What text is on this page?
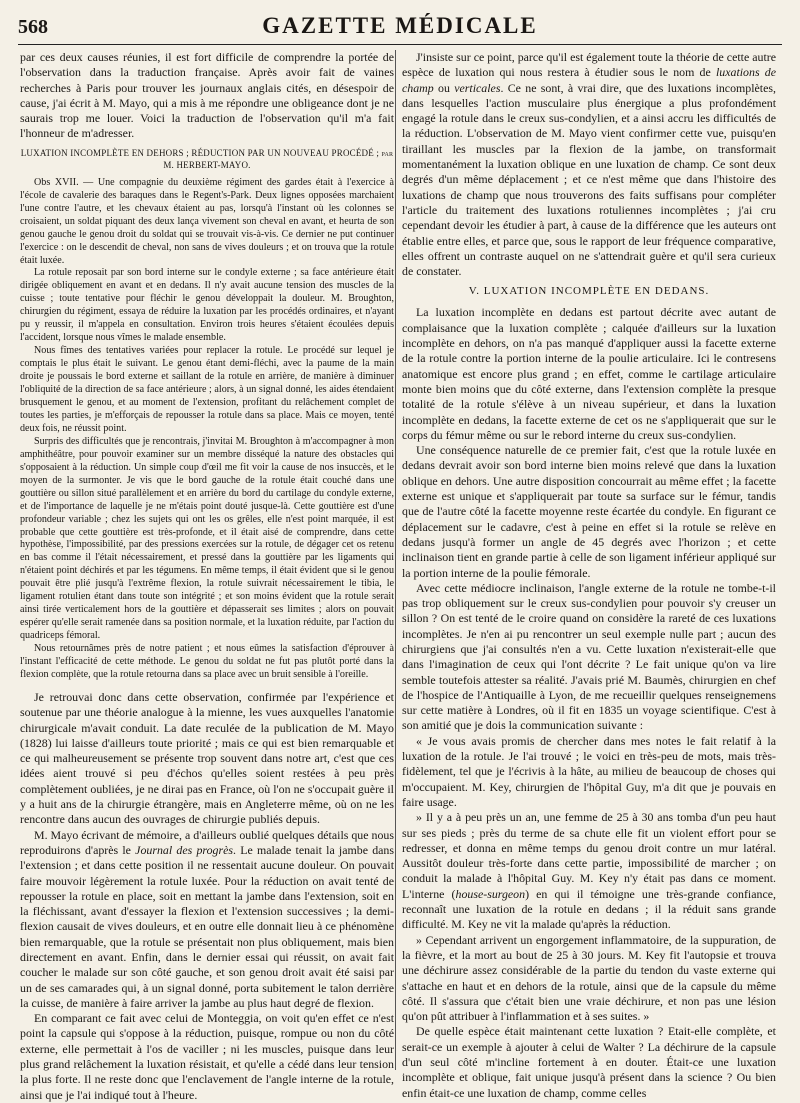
568	GAZETTE MÉDICALE

par ces deux causes réunies, il est fort difficile de comprendre la portée de l'observation dans la traduction française. Après avoir fait de vaines recherches à Paris pour trouver les journaux anglais cités, en désespoir de cause, j'ai écrit à M. Mayo, qui a mis à me répondre une obligeance dont je ne saurais trop me louer. Voici la traduction de l'observation qu'il m'a fait l'honneur de m'adresser.

LUXATION INCOMPLÈTE EN DEHORS ; RÉDUCTION PAR UN NOUVEAU PROCÉDÉ ; par M. HERBERT-MAYO.

Obs XVII. — Une compagnie du deuxième régiment des gardes était à l'exercice à l'école de cavalerie des baraques dans le Regent's-Park. Deux lignes opposées marchaient l'une contre l'autre, et les chevaux étaient au pas, lorsqu'à l'instant où les colonnes se croisaient, un soldat piquant des deux lança vivement son cheval en avant, et heurta de son genou gauche le genou droit du soldat qui se trouvait vis-à-vis. Ce dernier ne put continuer l'exercice : on le descendit de cheval, non sans de vives douleurs ; et on trouva que la rotule était luxée.

La rotule reposait par son bord interne sur le condyle externe ; sa face antérieure était dirigée obliquement en avant et en dedans. Il n'y avait aucune tension des muscles de la cuisse ; toute tentative pour fléchir le genou développait la douleur. M. Broughton, chirurgien du régiment, essaya de réduire la luxation par les procédés ordinaires, et n'ayant pu y reussir, il m'appela en consultation. Environ trois heures s'étaient écoulées depuis l'accident, lorsque nous vîmes le malade ensemble.

Nous fîmes des tentatives variées pour replacer la rotule. Le procédé sur lequel je comptais le plus était le suivant. Le genou étant demi-fléchi, avec la paume de la main droite je poussais le bord externe et saillant de la rotule en arrière, de manière à diminuer l'obliquité de la direction de sa face antérieure ; alors, à un signal donné, les aides étendaient brusquement le genou, et au moment de l'extension, profitant du relâchement complet de toutes les parties, je m'efforçais de repousser la rotule dans sa place. Mais ce moyen, tenté deux fois, ne réussit point.

Surpris des difficultés que je rencontrais, j'invitai M. Broughton à m'accompagner à mon amphithéâtre, pour pouvoir examiner sur un membre disséqué la nature des obstacles qui s'opposaient à la réduction. Un simple coup d'œil me fit voir la cause de nos insuccès, et le moyen de la surmonter. Je vis que le bord gauche de la rotule était couché dans une gouttière ou sillon situé parallèlement et en arrière du bord du cartilage du condyle externe, et de l'importance de laquelle je ne m'étais point douté jusque-là. Cette gouttière est d'une profondeur variable ; chez les sujets qui ont les os grêles, elle n'est point marquée, il est probable que cette gouttière est très-profonde, et il était aisé de comprendre, dans cette hypothèse, l'impossibilité, par des pressions exercées sur la rotule, de dégager cet os retenu en bas comme il l'était nécessairement, et pressé dans la gouttière par les ligaments qui n'étaient point déchirés et par les tégumens. En même temps, il était évident que si le genou pouvait être plié jusqu'à l'extrême flexion, la rotule suivrait nécessairement le tibia, le ligament rotulien étant dans toute son intégrité ; et son moins évident que la rotule serait ainsi tirée verticalement hors de la gouttière et dépasserait ses limites ; alors on pouvait espérer qu'elle serait ramenée dans sa position normale, et la luxation réduite, par l'action du quadriceps fémoral.

Nous retournâmes près de notre patient ; et nous eûmes la satisfaction d'éprouver à l'instant l'efficacité de cette méthode. Le genou du soldat ne fut pas plutôt porté dans la flexion complète, que la rotule retourna dans sa place avec un bruit sensible à l'oreille.

Je retrouvai donc dans cette observation, confirmée par l'expérience et soutenue par une théorie analogue à la mienne, les vues auxquelles l'anatomie chirurgicale m'avait conduit. La date reculée de la publication de M. Mayo (1828) lui laisse d'ailleurs toute priorité ; mais ce qui est bien remarquable et ce qui malheureusement se présente trop souvent dans notre art, c'est que ces idées aient trouvé si peu d'échos qu'elles soient restées à peu près complètement oubliées, je ne dirai pas en France, où l'on ne s'occupait guère il y a huit ans de la chirurgie étrangère, mais en Angleterre même, où on ne les rencontre dans aucun des ouvrages de chirurgie publiés depuis.

M. Mayo écrivant de mémoire, a d'ailleurs oublié quelques détails que nous reproduirons d'après le Journal des progrès. Le malade tenait la jambe dans l'extension ; et dans cette position il ne ressentait aucune douleur. On pouvait faire mouvoir légèrement la rotule luxée. Pour la réduction on avait tenté de repousser la rotule en place, soit en mettant la jambe dans l'extension, soit en la fléchissant, avant d'essayer la flexion et l'extension successives ; la demi-flexion causait de vives douleurs, et en outre elle donnait lieu à ce phénomène bien remarquable, que la rotule se présentait non plus obliquement, mais bien directement en avant. Enfin, dans le dernier essai qui réussit, on avait fait coucher le malade sur son côté gauche, et son genou droit avait été saisi par un de ses camarades qui, à un signal donné, porta subitement le talon derrière la cuisse, de manière à faire arriver la jambe au plus haut degré de flexion.

En comparant ce fait avec celui de Monteggia, on voit qu'en effet ce n'est point la capsule qui s'oppose à la réduction, puisque, rompue ou non du côté externe, elle permettait à l'os de vaciller ; ni les muscles, puisque dans leur plus grand relâchement la luxation résistait, et qu'elle a cédé dans leur tension la plus forte. Il ne reste donc que l'enclavement de l'angle interne de la rotule, ainsi que je l'ai indiqué tout à l'heure.

J'insiste sur ce point, parce qu'il est également toute la théorie de cette autre espèce de luxation qui nous restera à étudier sous le nom de luxations de champ ou verticales. Ce ne sont, à vrai dire, que des luxations incomplètes, dans lesquelles l'action musculaire plus énergique a plus profondément engagé la rotule dans le creux sus-condylien, et a ainsi accru les difficultés de la réduction. L'observation de M. Mayo vient confirmer cette vue, puisqu'en tiraillant les muscles par la flexion de la jambe, on transformait momentanément la luxation oblique en une luxation de champ. Ce sont deux degrés d'un même déplacement ; et ce n'est même que dans l'histoire des luxations de champ que nous trouverons des faits suffisans pour compléter l'article du traitement des luxations rotuliennes incomplètes ; j'ai cru cependant devoir les étudier à part, à cause de la différence que les auteurs ont établie entre elles, et parce que, sous le rapport de leur fréquence comparative, elles offrent un contraste auquel on ne s'attendrait guère et qu'il sera curieux de constater.

V. LUXATION INCOMPLÈTE EN DEDANS.

La luxation incomplète en dedans est partout décrite avec autant de complaisance que la luxation complète ; calquée d'ailleurs sur la luxation incomplète en dehors, on n'a pas manqué d'appliquer aussi la facette externe de la rotule contre la portion interne de la poulie articulaire. Ici le contresens anatomique est encore plus grand ; en effet, comme le cartilage articulaire monte bien moins que du côté externe, dans l'extension complète la presque totalité de la rotule s'élève à un niveau supérieur, et dans la luxation incomplète en dedans, la facette externe de cet os ne s'appliquerait que sur le corps du fémur même ou sur le rebord interne du creux sus-condylien.

Une conséquence naturelle de ce premier fait, c'est que la rotule luxée en dedans devrait avoir son bord interne bien moins relevé que dans la luxation oblique en dehors. Une autre disposition concourrait au même effet ; la facette externe est unique et s'appliquerait par toute sa surface sur le fémur, tandis que de l'autre côté la facette moyenne reste écartée du condyle. En figurant ce déplacement sur le cadavre, c'est à peine en effet si la rotule se relève en dedans jusqu'à former un angle de 45 degrés avec l'horizon ; et cette inclinaison tient en grande partie à celle de son ligament inférieur appliqué sur la portion interne de la poulie fémorale.

Avec cette médiocre inclinaison, l'angle externe de la rotule ne tombe-t-il pas trop obliquement sur le creux sus-condylien pour pouvoir s'y creuser un sillon ? On est tenté de le croire quand on considère la rareté de ces luxations incomplètes. Je n'en ai pu rencontrer un seul exemple nulle part ; aucun des chirurgiens que j'ai consultés n'en a vu. Cette luxation n'existerait-elle que dans l'imagination de ceux qui l'ont décrite ? Le fait unique qu'on va lire semble toutefois attester sa réalité. J'avais prié M. Baumès, chirurgien en chef de l'hospice de l'Antiquaille à Lyon, de me recueillir quelques renseignemens sur cette matière à Londres, où il fit en 1835 un voyage scientifique. C'est à son amitié que je dois la communication suivante :

« Je vous avais promis de chercher dans mes notes le fait relatif à la luxation de la rotule. Je l'ai trouvé ; le voici en très-peu de mots, mais très-fidèlement, tel que je l'écrivis à la hâte, au milieu de beaucoup de choses qui m'occupaient. M. Key, chirurgien de l'hôpital Guy, m'a dit que je pouvais en faire usage.

» Il y a à peu près un an, une femme de 25 à 30 ans tomba d'un peu haut sur ses pieds ; près du terme de sa chute elle fit un violent effort pour se redresser, et donna en même temps du genou droit contre un mur latéral. Aussitôt douleur très-forte dans cette partie, impossibilité de marcher ; on conduit la malade à l'hôpital Guy. M. Key n'y était pas dans ce moment. L'interne (house-surgeon) en qui il témoigne une très-grande confiance, reconnaît une luxation de la rotule en dedans ; il la réduit sans grande difficulté. M. Key ne vit la malade qu'après la réduction.

» Cependant arrivent un engorgement inflammatoire, de la suppuration, de la fièvre, et la mort au bout de 25 à 30 jours. M. Key fit l'autopsie et trouva une déchirure assez considérable de la partie du tendon du vaste externe qui s'attache en haut et en dehors de la rotule, ainsi que de la capsule du même côté. Il s'assura que c'était bien une vraie déchirure, et non pas une lésion qu'on pût attribuer à l'inflammation et à ses suites. »

De quelle espèce était maintenant cette luxation ? Etait-elle complète, et serait-ce un exemple à ajouter à celui de Walter ? La déchirure de la capsule d'un seul côté m'incline fortement à en douter. Était-ce une luxation incomplète et oblique, fait unique jusqu'à présent dans la science ? Ou bien enfin était-ce une luxation de champ, comme celles
